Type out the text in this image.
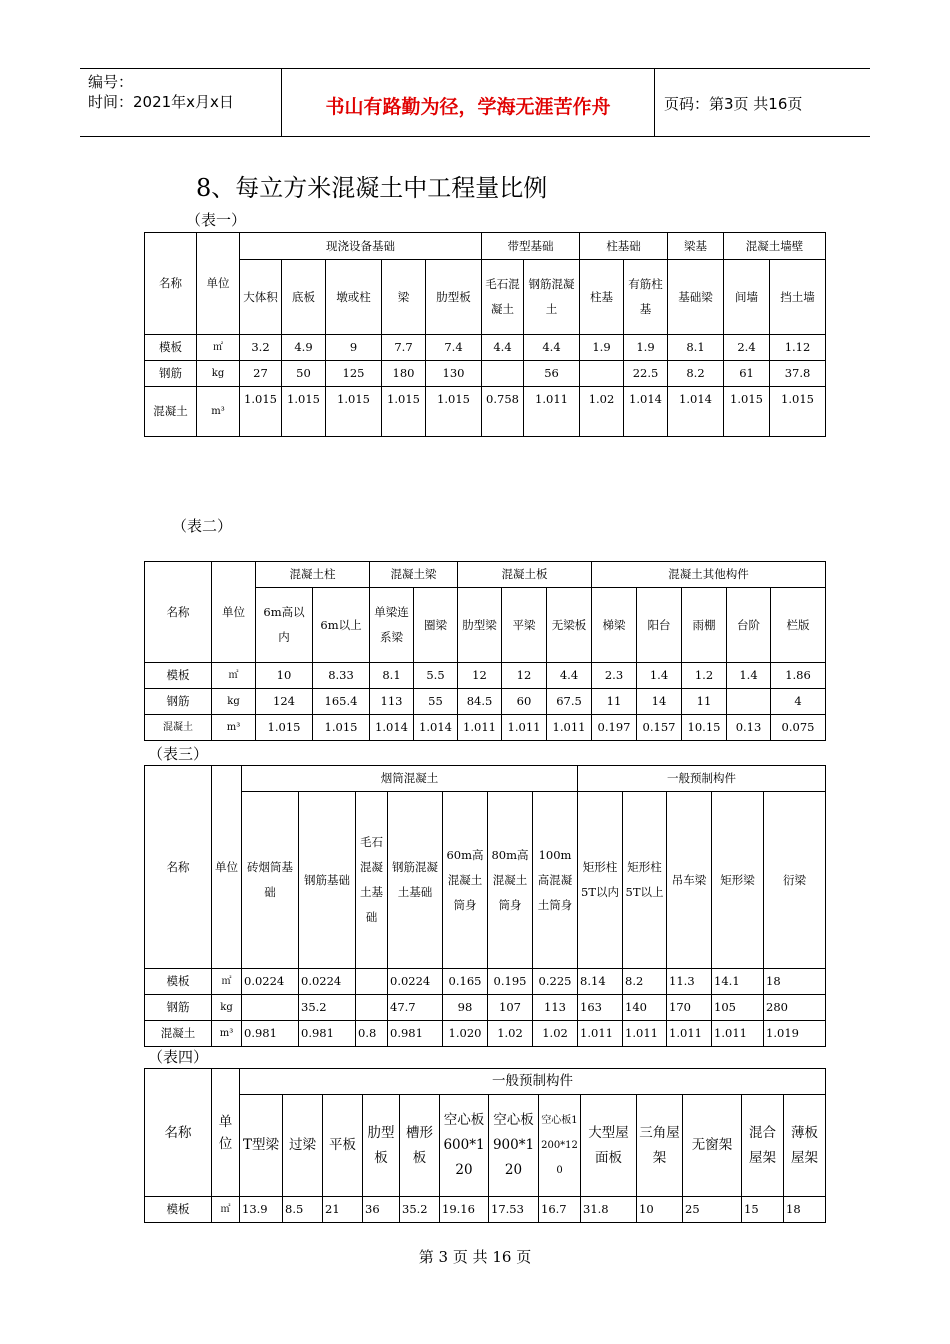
编号：
时间：2021年x月x日	书山有路勤为径，学海无涯苦作舟	页码：第3页 共16页
8、每立方米混凝土中工程量比例
（表一）
名称	单位	现浇设备基础					带型基础		柱基础		梁基	混凝土墙壁	
		大体积	底板	墩或柱	梁	肋型板	毛石混凝土	钢筋混凝土	柱基	有筋柱基	基础梁	间墙	挡土墙
模板	㎡	3.2	4.9	9	7.7	7.4	4.4	4.4	1.9	1.9	8.1	2.4	1.12
钢筋	kg	27	50	125	180	130		56		22.5	8.2	61	37.8
混凝土	m³	1.015	1.015	1.015	1.015	1.015	0.758	1.011	1.02	1.014	1.014	1.015	1.015
（表二）
名称	单位	混凝土柱		混凝土梁		混凝土板			混凝土其他构件				
		6m高以内	6m以上	单梁连系梁	圈梁	肋型梁	平梁	无梁板	梯梁	阳台	雨棚	台阶	栏版
模板	㎡	10	8.33	8.1	5.5	12	12	4.4	2.3	1.4	1.2	1.4	1.86
钢筋	kg	124	165.4	113	55	84.5	60	67.5	11	14	11		4
混凝土	m³	1.015	1.015	1.014	1.014	1.011	1.011	1.011	0.197	0.157	10.15	0.13	0.075
（表三）
名称	单位	烟筒混凝土							一般预制构件				
		砖烟筒基础	钢筋基础	毛石混凝土基础	钢筋混凝土基础	60m高混凝土筒身	80m高混凝土筒身	100m高混凝土筒身	矩形柱5T以内	矩形柱5T以上	吊车梁	矩形梁	衍梁
模板	㎡	0.0224	0.0224		0.0224	0.165	0.195	0.225	8.14	8.2	11.3	14.1	18
钢筋	kg		35.2		47.7	98	107	113	163	140	170	105	280
混凝土	m³	0.981	0.981	0.8	0.981	1.020	1.02	1.02	1.011	1.011	1.011	1.011	1.019
（表四）
名称	单位	一般预制构件												
		T型梁	过梁	平板	肋型板	槽形板	空心板600*120	空心板900*120	空心板1200*120	大型屋面板	三角屋架	无窗架	混合屋架	薄板屋架
模板	㎡	13.9	8.5	21	36	35.2	19.16	17.53	16.7	31.8	10	25	15	18
第 3 页 共 16 页
